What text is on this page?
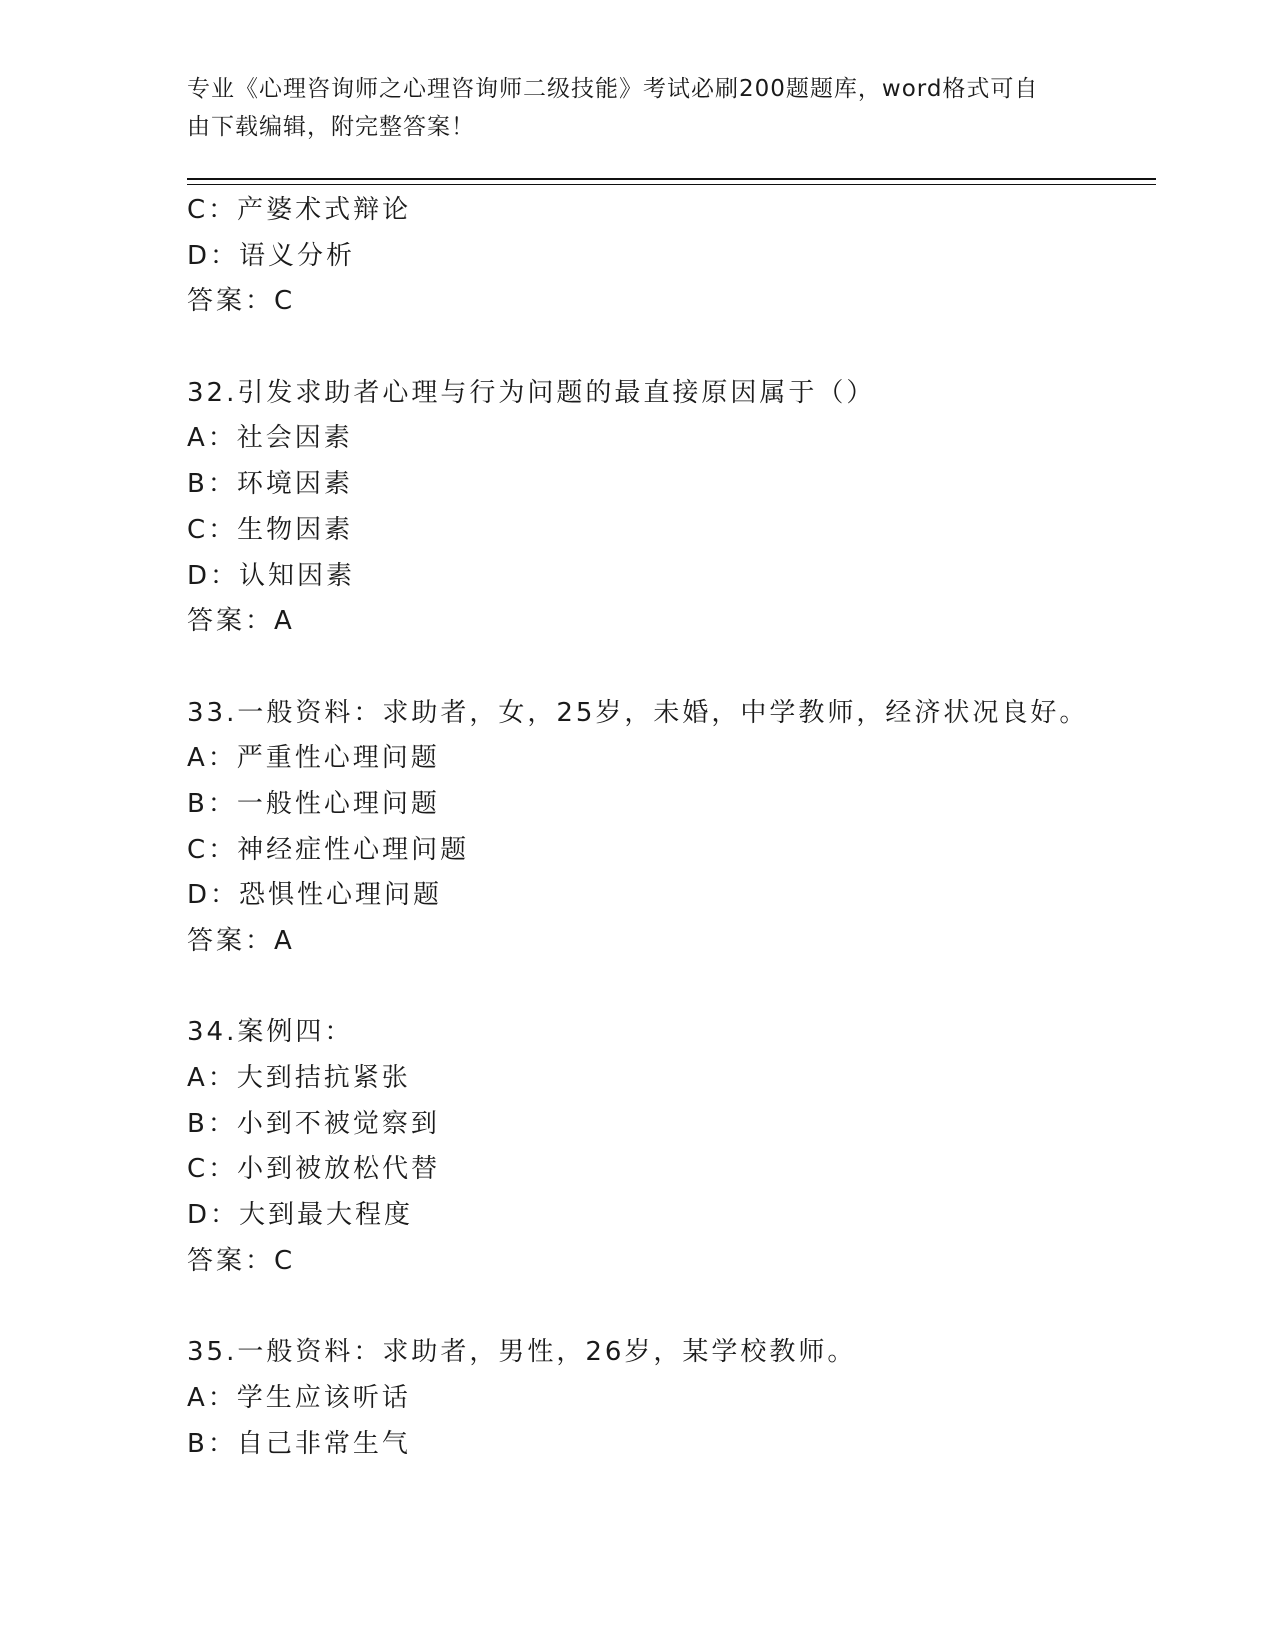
专业《心理咨询师之心理咨询师二级技能》考试必刷200题题库，word格式可自
由下载编辑，附完整答案！
C：产婆术式辩论
D：语义分析
答案：C
32.引发求助者心理与行为问题的最直接原因属于（）
A：社会因素
B：环境因素
C：生物因素
D：认知因素
答案：A
33.一般资料：求助者，女，25岁，未婚，中学教师，经济状况良好。
A：严重性心理问题
B：一般性心理问题
C：神经症性心理问题
D：恐惧性心理问题
答案：A
34.案例四：
A：大到拮抗紧张
B：小到不被觉察到
C：小到被放松代替
D：大到最大程度
答案：C
35.一般资料：求助者，男性，26岁，某学校教师。
A：学生应该听话
B：自己非常生气
